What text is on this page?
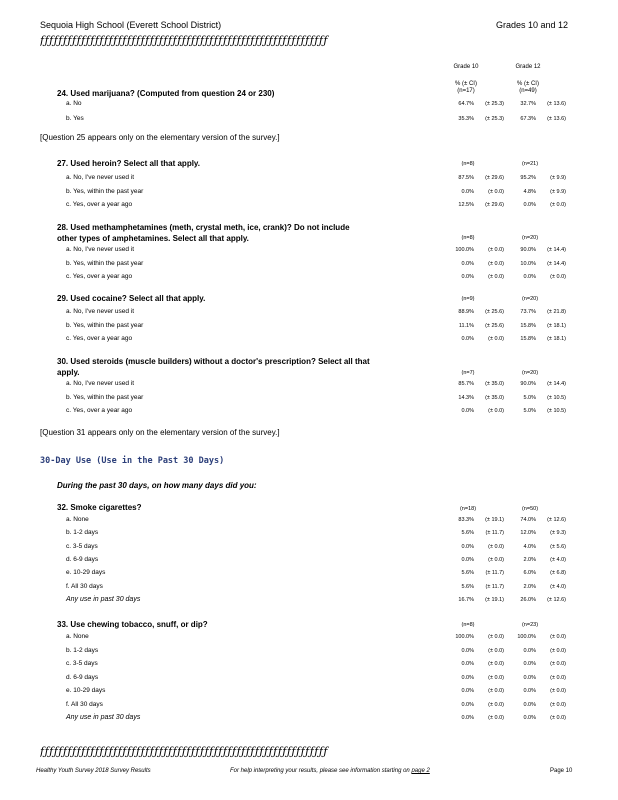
Sequoia High School (Everett School District)	Grades 10 and 12
ƒƒƒƒƒƒƒƒƒƒƒƒƒƒƒƒƒƒƒƒƒƒƒƒƒƒƒƒƒƒƒƒƒƒƒƒƒƒƒƒƒƒƒƒƒƒƒƒƒƒƒƒƒƒƒƒƒƒƒƒƒƒƒ
Grade 10	Grade 12
% (± CI)	% (± CI)
(n=17)	(n=49)
24. Used marijuana? (Computed from question 24 or 230)
a. No	64.7%	(± 25.3)	32.7%	(± 13.6)
b. Yes	35.3%	(± 25.3)	67.3%	(± 13.6)
[Question 25 appears only on the elementary version of the survey.]
27. Used heroin? Select all that apply.	(n=8)	(n=21)
a. No, I've never used it	87.5%	(± 29.6)	95.2%	(± 9.9)
b. Yes, within the past year	0.0%	(± 0.0)	4.8%	(± 9.9)
c. Yes, over a year ago	12.5%	(± 29.6)	0.0%	(± 0.0)
28. Used methamphetamines (meth, crystal meth, ice, crank)? Do not include other types of amphetamines. Select all that apply.	(n=8)	(n=20)
a. No, I've never used it	100.0%	(± 0.0)	90.0%	(± 14.4)
b. Yes, within the past year	0.0%	(± 0.0)	10.0%	(± 14.4)
c. Yes, over a year ago	0.0%	(± 0.0)	0.0%	(± 0.0)
29. Used cocaine? Select all that apply.	(n=9)	(n=20)
a. No, I've never used it	88.9%	(± 25.6)	73.7%	(± 21.8)
b. Yes, within the past year	11.1%	(± 25.6)	15.8%	(± 18.1)
c. Yes, over a year ago	0.0%	(± 0.0)	15.8%	(± 18.1)
30. Used steroids (muscle builders) without a doctor's prescription? Select all that apply.	(n=7)	(n=20)
a. No, I've never used it	85.7%	(± 35.0)	90.0%	(± 14.4)
b. Yes, within the past year	14.3%	(± 35.0)	5.0%	(± 10.5)
c. Yes, over a year ago	0.0%	(± 0.0)	5.0%	(± 10.5)
[Question 31 appears only on the elementary version of the survey.]
30-Day Use (Use in the Past 30 Days)
During the past 30 days, on how many days did you:
32. Smoke cigarettes?	(n=18)	(n=50)
a. None	83.3%	(± 19.1)	74.0%	(± 12.6)
b. 1-2 days	5.6%	(± 11.7)	12.0%	(± 9.3)
c. 3-5 days	0.0%	(± 0.0)	4.0%	(± 5.6)
d. 6-9 days	0.0%	(± 0.0)	2.0%	(± 4.0)
e. 10-29 days	5.6%	(± 11.7)	6.0%	(± 6.8)
f. All 30 days	5.6%	(± 11.7)	2.0%	(± 4.0)
Any use in past 30 days	16.7%	(± 19.1)	26.0%	(± 12.6)
33. Use chewing tobacco, snuff, or dip?	(n=8)	(n=23)
a. None	100.0%	(± 0.0)	100.0%	(± 0.0)
b. 1-2 days	0.0%	(± 0.0)	0.0%	(± 0.0)
c. 3-5 days	0.0%	(± 0.0)	0.0%	(± 0.0)
d. 6-9 days	0.0%	(± 0.0)	0.0%	(± 0.0)
e. 10-29 days	0.0%	(± 0.0)	0.0%	(± 0.0)
f. All 30 days	0.0%	(± 0.0)	0.0%	(± 0.0)
Any use in past 30 days	0.0%	(± 0.0)	0.0%	(± 0.0)
ƒƒƒƒƒƒƒƒƒƒƒƒƒƒƒƒƒƒƒƒƒƒƒƒƒƒƒƒƒƒƒƒƒƒƒƒƒƒƒƒƒƒƒƒƒƒƒƒƒƒƒƒƒƒƒƒƒƒƒƒƒƒƒ
Healthy Youth Survey 2018 Survey Results	For help interpreting your results, please see information starting on page 2	Page 10
